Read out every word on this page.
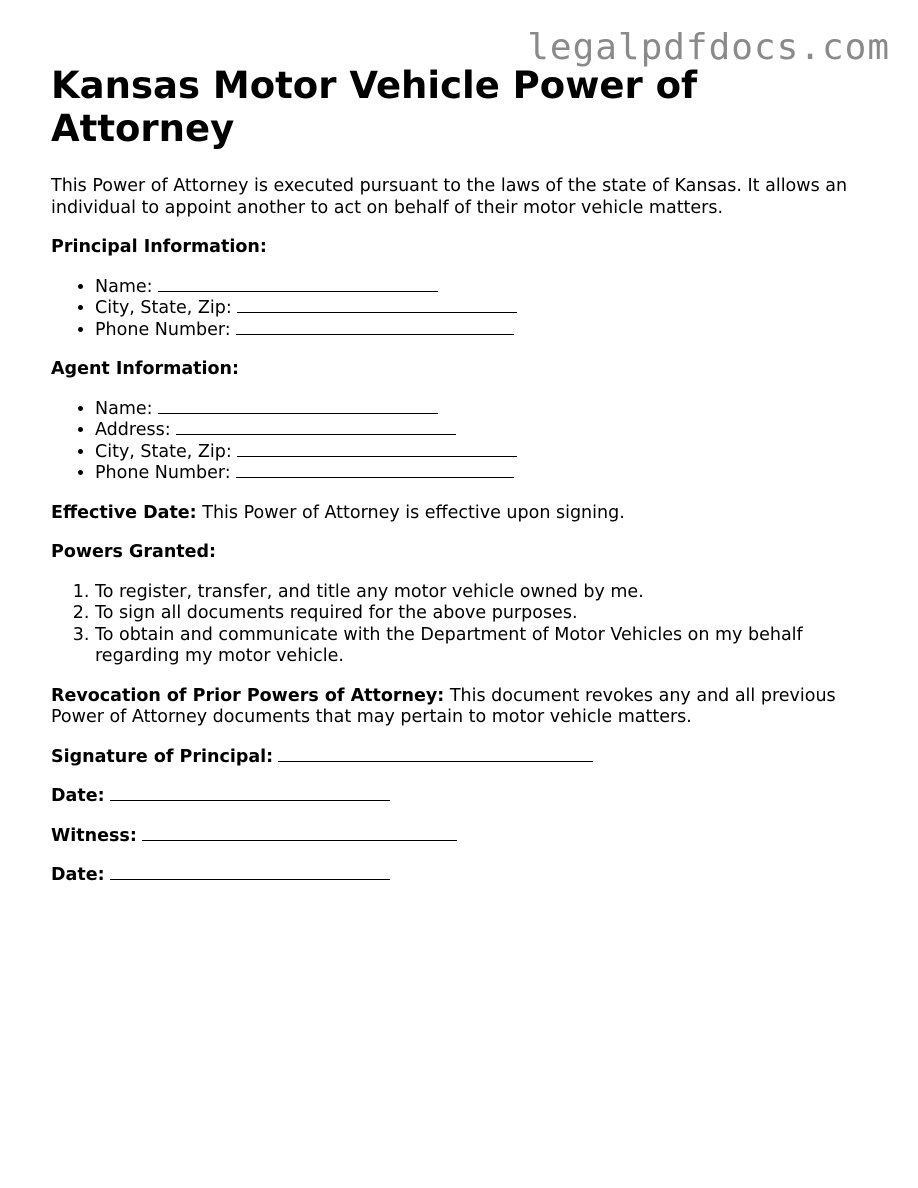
legalpdfdocs.com
Kansas Motor Vehicle Power of Attorney

This Power of Attorney is executed pursuant to the laws of the state of Kansas. It allows an individual to appoint another to act on behalf of their motor vehicle matters.

Principal Information:

• Name:
• City, State, Zip:
• Phone Number:

Agent Information:

• Name:
• Address:
• City, State, Zip:
• Phone Number:

Effective Date: This Power of Attorney is effective upon signing.

Powers Granted:

1. To register, transfer, and title any motor vehicle owned by me.
2. To sign all documents required for the above purposes.
3. To obtain and communicate with the Department of Motor Vehicles on my behalf regarding my motor vehicle.

Revocation of Prior Powers of Attorney: This document revokes any and all previous Power of Attorney documents that may pertain to motor vehicle matters.

Signature of Principal:

Date:

Witness:

Date:
